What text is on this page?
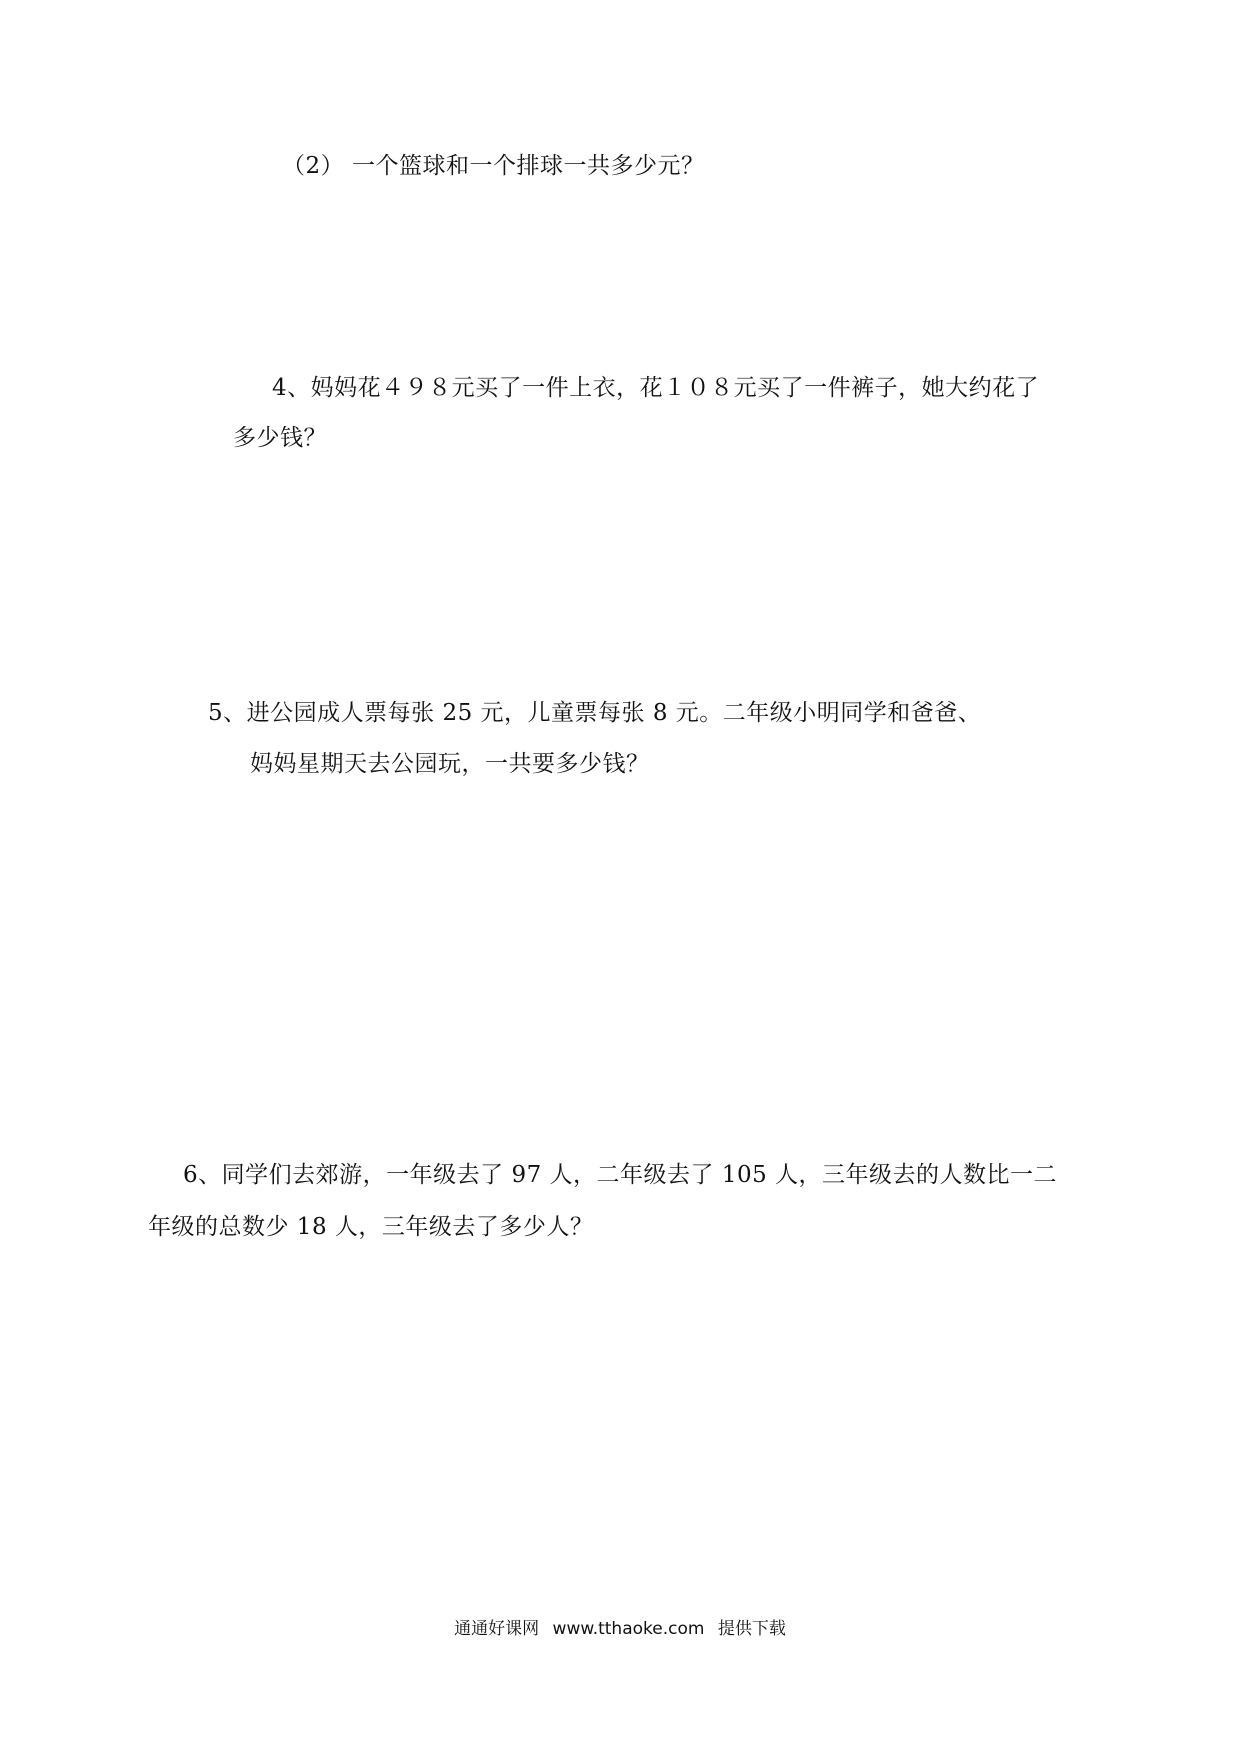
（2） 一个篮球和一个排球一共多少元？
4、妈妈花４９８元买了一件上衣，花１０８元买了一件裤子，她大约花了
多少钱？
5、进公园成人票每张 25 元，儿童票每张 8 元。二年级小明同学和爸爸、
妈妈星期天去公园玩，一共要多少钱？
6、同学们去郊游，一年级去了 97 人，二年级去了 105 人，三年级去的人数比一二
年级的总数少 18 人，三年级去了多少人？
通通好课网 www.tthaoke.com 提供下载
